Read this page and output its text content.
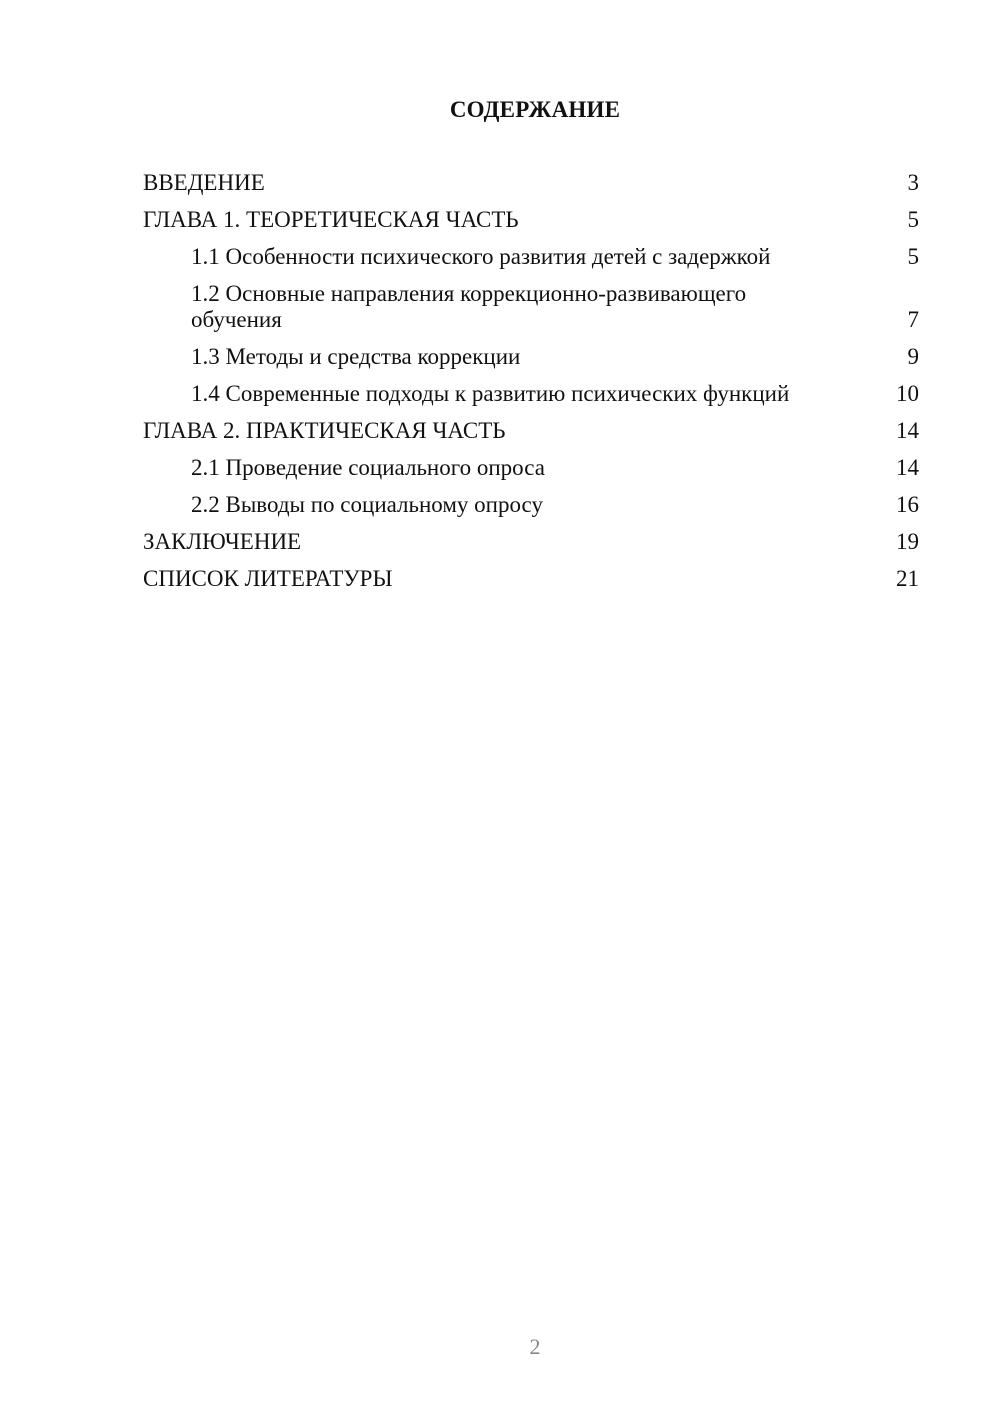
СОДЕРЖАНИЕ
ВВЕДЕНИЕ	3
ГЛАВА 1. ТЕОРЕТИЧЕСКАЯ ЧАСТЬ	5
1.1 Особенности психического развития детей с задержкой	5
1.2 Основные направления коррекционно-развивающего обучения	7
1.3 Методы и средства коррекции	9
1.4 Современные подходы к развитию психических функций	10
ГЛАВА 2. ПРАКТИЧЕСКАЯ ЧАСТЬ	14
2.1 Проведение социального опроса	14
2.2 Выводы по социальному опросу	16
ЗАКЛЮЧЕНИЕ	19
СПИСОК ЛИТЕРАТУРЫ	21
2
